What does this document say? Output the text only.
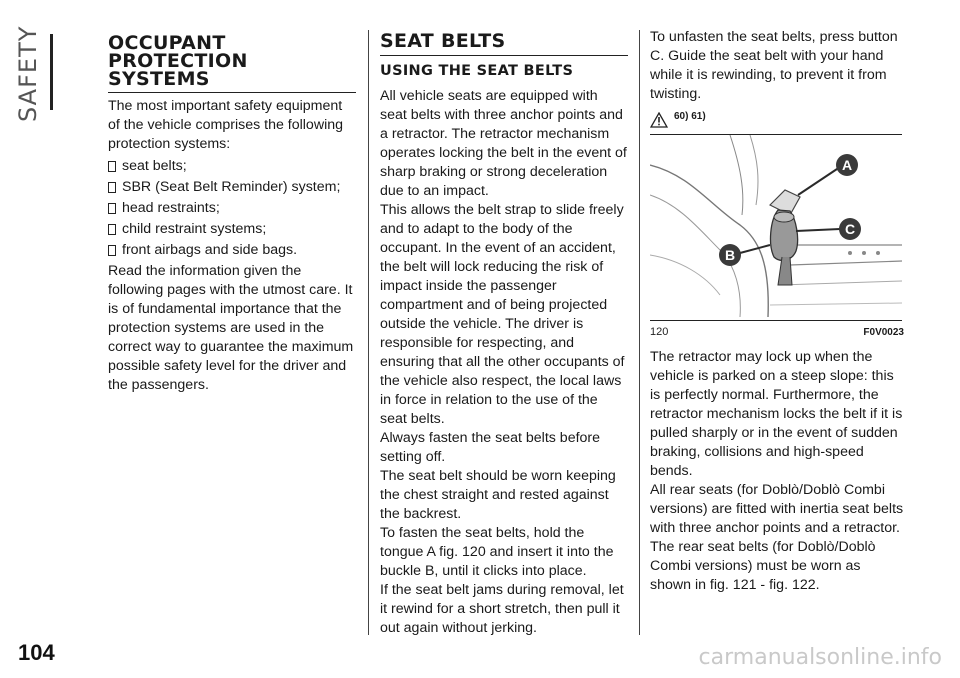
SAFETY	OCCUPANT
PROTECTION
SYSTEMS

The most important safety equipment of the vehicle comprises the following protection systems:

seat belts;
SBR (Seat Belt Reminder) system;
head restraints;
child restraint systems;
front airbags and side bags.

Read the information given the following pages with the utmost care. It is of fundamental importance that the protection systems are used in the correct way to guarantee the maximum possible safety level for the driver and the passengers.

SEAT BELTS
USING THE SEAT BELTS

All vehicle seats are equipped with seat belts with three anchor points and a retractor. The retractor mechanism operates locking the belt in the event of sharp braking or strong deceleration due to an impact.

This allows the belt strap to slide freely and to adapt to the body of the occupant. In the event of an accident, the belt will lock reducing the risk of impact inside the passenger compartment and of being projected outside the vehicle. The driver is responsible for respecting, and ensuring that all the other occupants of the vehicle also respect, the local laws in force in relation to the use of the seat belts.

Always fasten the seat belts before setting off.

The seat belt should be worn keeping the chest straight and rested against the backrest.

To fasten the seat belts, hold the tongue A fig. 120 and insert it into the buckle B, until it clicks into place.

If the seat belt jams during removal, let it rewind for a short stretch, then pull it out again without jerking.

To unfasten the seat belts, press button C. Guide the seat belt with your hand while it is rewinding, to prevent it from twisting.

60) 61)
A
C
B
120	F0V0023

The retractor may lock up when the vehicle is parked on a steep slope: this is perfectly normal. Furthermore, the retractor mechanism locks the belt if it is pulled sharply or in the event of sudden braking, collisions and high-speed bends.

All rear seats (for Doblò/Doblò Combi versions) are fitted with inertia seat belts with three anchor points and a retractor.

The rear seat belts (for Doblò/Doblò Combi versions) must be worn as shown in fig. 121 - fig. 122.

104	carmanualsonline.info
